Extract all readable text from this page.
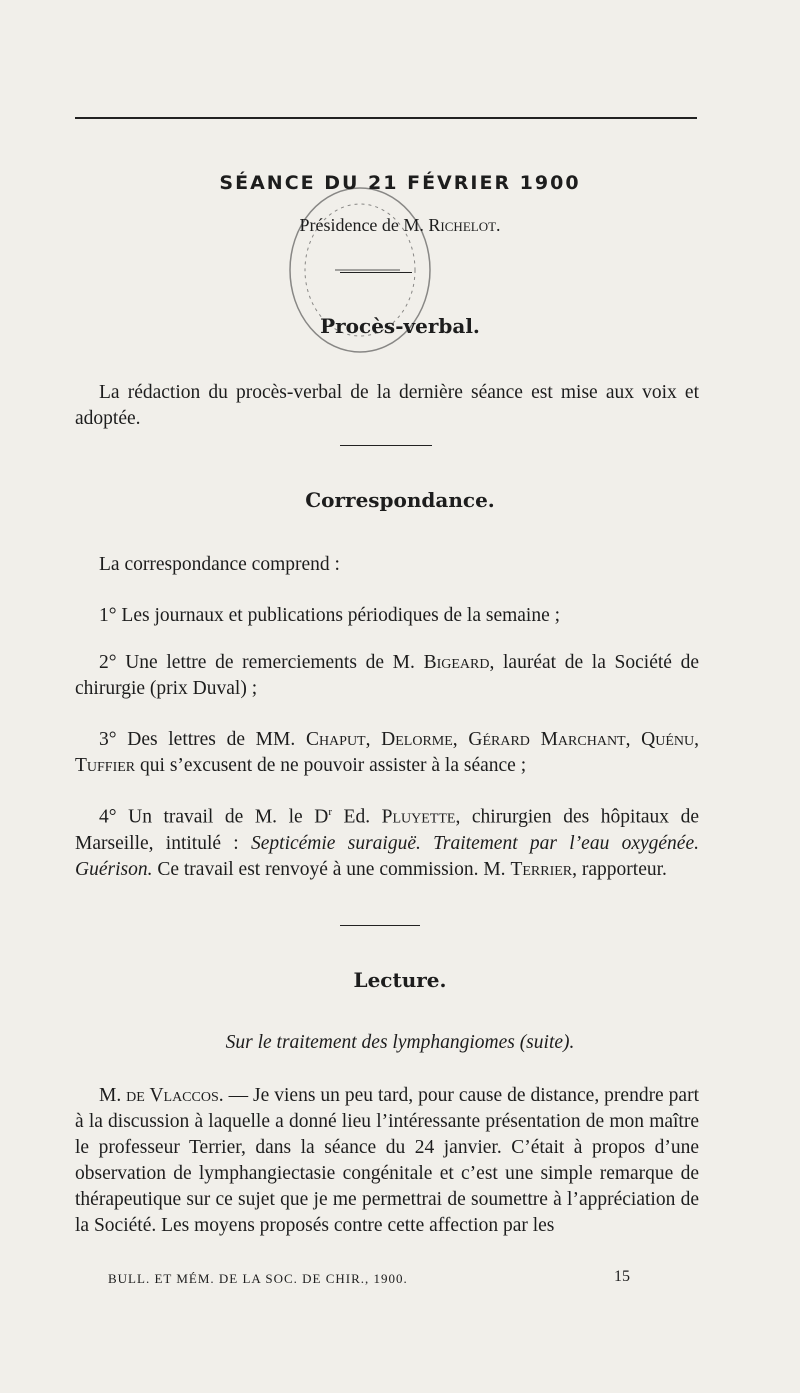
SÉANCE DU 21 FÉVRIER 1900
Présidence de M. Richelot.
Procès-verbal.
La rédaction du procès-verbal de la dernière séance est mise aux voix et adoptée.
Correspondance.
La correspondance comprend :
1° Les journaux et publications périodiques de la semaine ;
2° Une lettre de remerciements de M. Bigeard, lauréat de la Société de chirurgie (prix Duval) ;
3° Des lettres de MM. Chaput, Delorme, Gérard Marchant, Quénu, Tuffier qui s’excusent de ne pouvoir assister à la séance ;
4° Un travail de M. le $D^r$ Ed. Pluyette, chirurgien des hôpitaux de Marseille, intitulé : Septicémie suraiguë. Traitement par l’eau oxygénée. Guérison. Ce travail est renvoyé à une commission. M. Terrier, rapporteur.
Lecture.
Sur le traitement des lymphangiomes (suite).
M. de Vlaccos. — Je viens un peu tard, pour cause de distance, prendre part à la discussion à laquelle a donné lieu l’intéressante présentation de mon maître le professeur Terrier, dans la séance du 24 janvier. C’était à propos d’une observation de lymphangiectasie congénitale et c’est une simple remarque de thérapeutique sur ce sujet que je me permettrai de soumettre à l’appréciation de la Société. Les moyens proposés contre cette affection par les
BULL. ET MÉM. DE LA SOC. DE CHIR., 1900.	15
